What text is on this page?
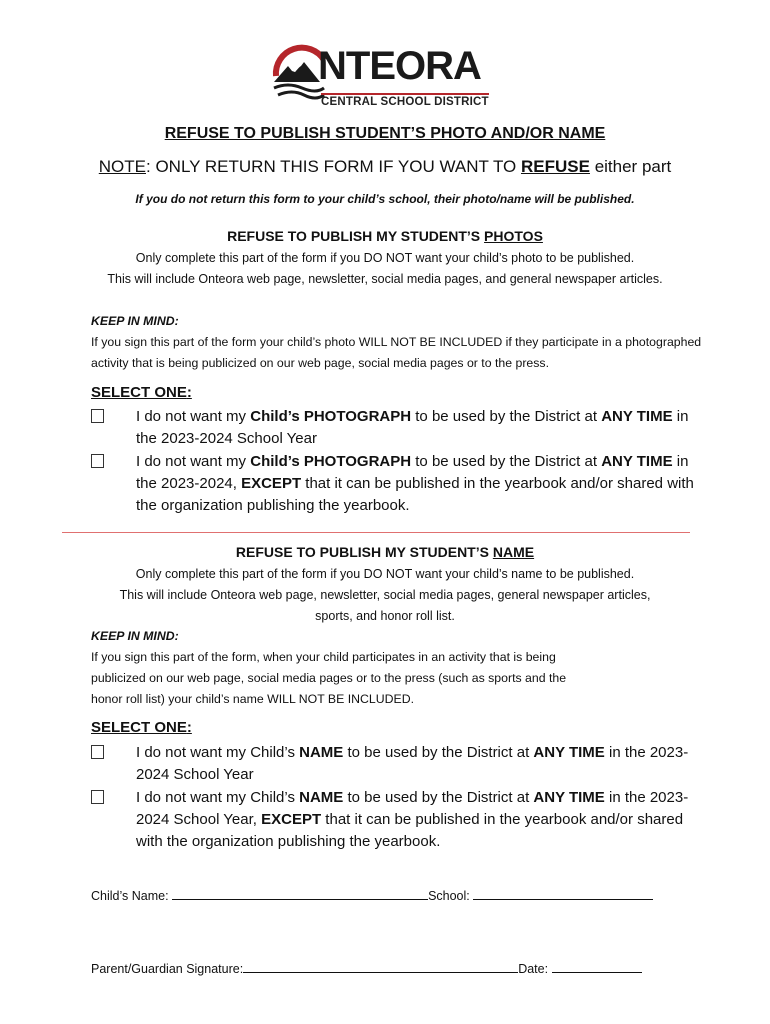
NTEORA
CENTRAL SCHOOL DISTRICT
REFUSE TO PUBLISH STUDENT’S PHOTO AND/OR NAME
NOTE: ONLY RETURN THIS FORM IF YOU WANT TO REFUSE either part
If you do not return this form to your child’s school, their photo/name will be published.
REFUSE TO PUBLISH MY STUDENT’S PHOTOS
Only complete this part of the form if you DO NOT want your child’s photo to be published.
This will include Onteora web page, newsletter, social media pages, and general newspaper articles.
KEEP IN MIND:
If you sign this part of the form your child’s photo WILL NOT BE INCLUDED if they participate in a photographed activity that is being publicized on our web page, social media pages or to the press.
SELECT ONE:
I do not want my Child’s PHOTOGRAPH to be used by the District at ANY TIME in the 2023-2024 School Year
I do not want my Child’s PHOTOGRAPH to be used by the District at ANY TIME in the 2023-2024, EXCEPT that it can be published in the yearbook and/or shared with the organization publishing the yearbook.
REFUSE TO PUBLISH MY STUDENT’S NAME
Only complete this part of the form if you DO NOT want your child’s name to be published.
This will include Onteora web page, newsletter, social media pages, general newspaper articles,
sports, and honor roll list.
KEEP IN MIND:
If you sign this part of the form, when your child participates in an activity that is being
publicized on our web page, social media pages or to the press (such as sports and the
honor roll list) your child’s name WILL NOT BE INCLUDED.
SELECT ONE:
I do not want my Child’s NAME to be used by the District at ANY TIME in the 2023-2024 School Year
I do not want my Child’s NAME to be used by the District at ANY TIME in the 2023-2024 School Year, EXCEPT that it can be published in the yearbook and/or shared with the organization publishing the yearbook.
Child’s Name:	School:
Parent/Guardian Signature:	Date:
